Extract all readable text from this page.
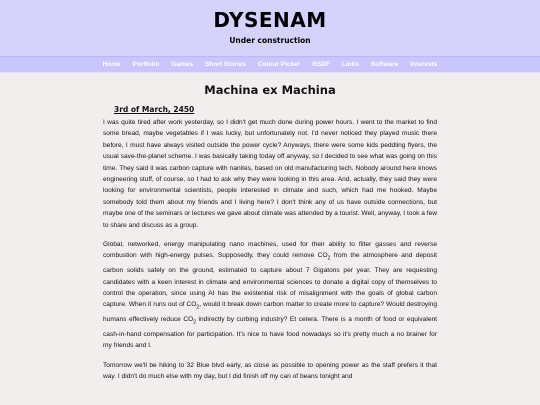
DYSENAM
Under construction
Home	Portfolio	Games	Short Stories	Colour Picker	RSDF	Links	Software	Interests
Machina ex Machina
3rd of March, 2450

I was quite tired after work yesterday, so I didn't get much done during power hours. I went to the market to find some bread, maybe vegetables if I was lucky, but unfortunately not. I'd never noticed they played music there before, I must have always visited outside the power cycle? Anyways, there were some kids peddling flyers, the usual save-the-planet scheme. I was basically taking today off anyway, so I decided to see what was going on this time. They said it was carbon capture with nanites, based on old manufacturing tech. Nobody around here knows engineering stuff, of course, so I had to ask why they were looking in this area. And, actually, they said they were looking for environmental scientists, people interested in climate and such, which had me hooked. Maybe somebody told them about my friends and I living here? I don't think any of us have outside connections, but maybe one of the seminars or lectures we gave about climate was attended by a tourist. Well, anyway, I took a few to share and discuss as a group.

Global, networked, energy manipulating nano machines, used for their ability to filter gasses and reverse combustion with high-energy pulses. Supposedly, they could remove $CO_2$ from the atmosphere and deposit carbon solids safely on the ground, estimated to capture about 7 Gigatons per year. They are requesting candidates with a keen interest in climate and environmental sciences to donate a digital copy of themselves to control the operation, since using AI has the existential risk of misalignment with the goals of global carbon capture. When it runs out of $CO_2$, would it break down carbon matter to create more to capture? Would destroying humans effectively reduce $CO_2$ indirectly by curbing industry? Et cetera. There is a month of food or equivalent cash-in-hand compensation for participation. It's nice to have food nowadays so it's pretty much a no brainer for my friends and I.

Tomorrow we'll be hiking to 32 Blue blvd early, as close as possible to opening power as the staff prefers it that way. I didn't do much else with my day, but I did finish off my can of beans tonight and
